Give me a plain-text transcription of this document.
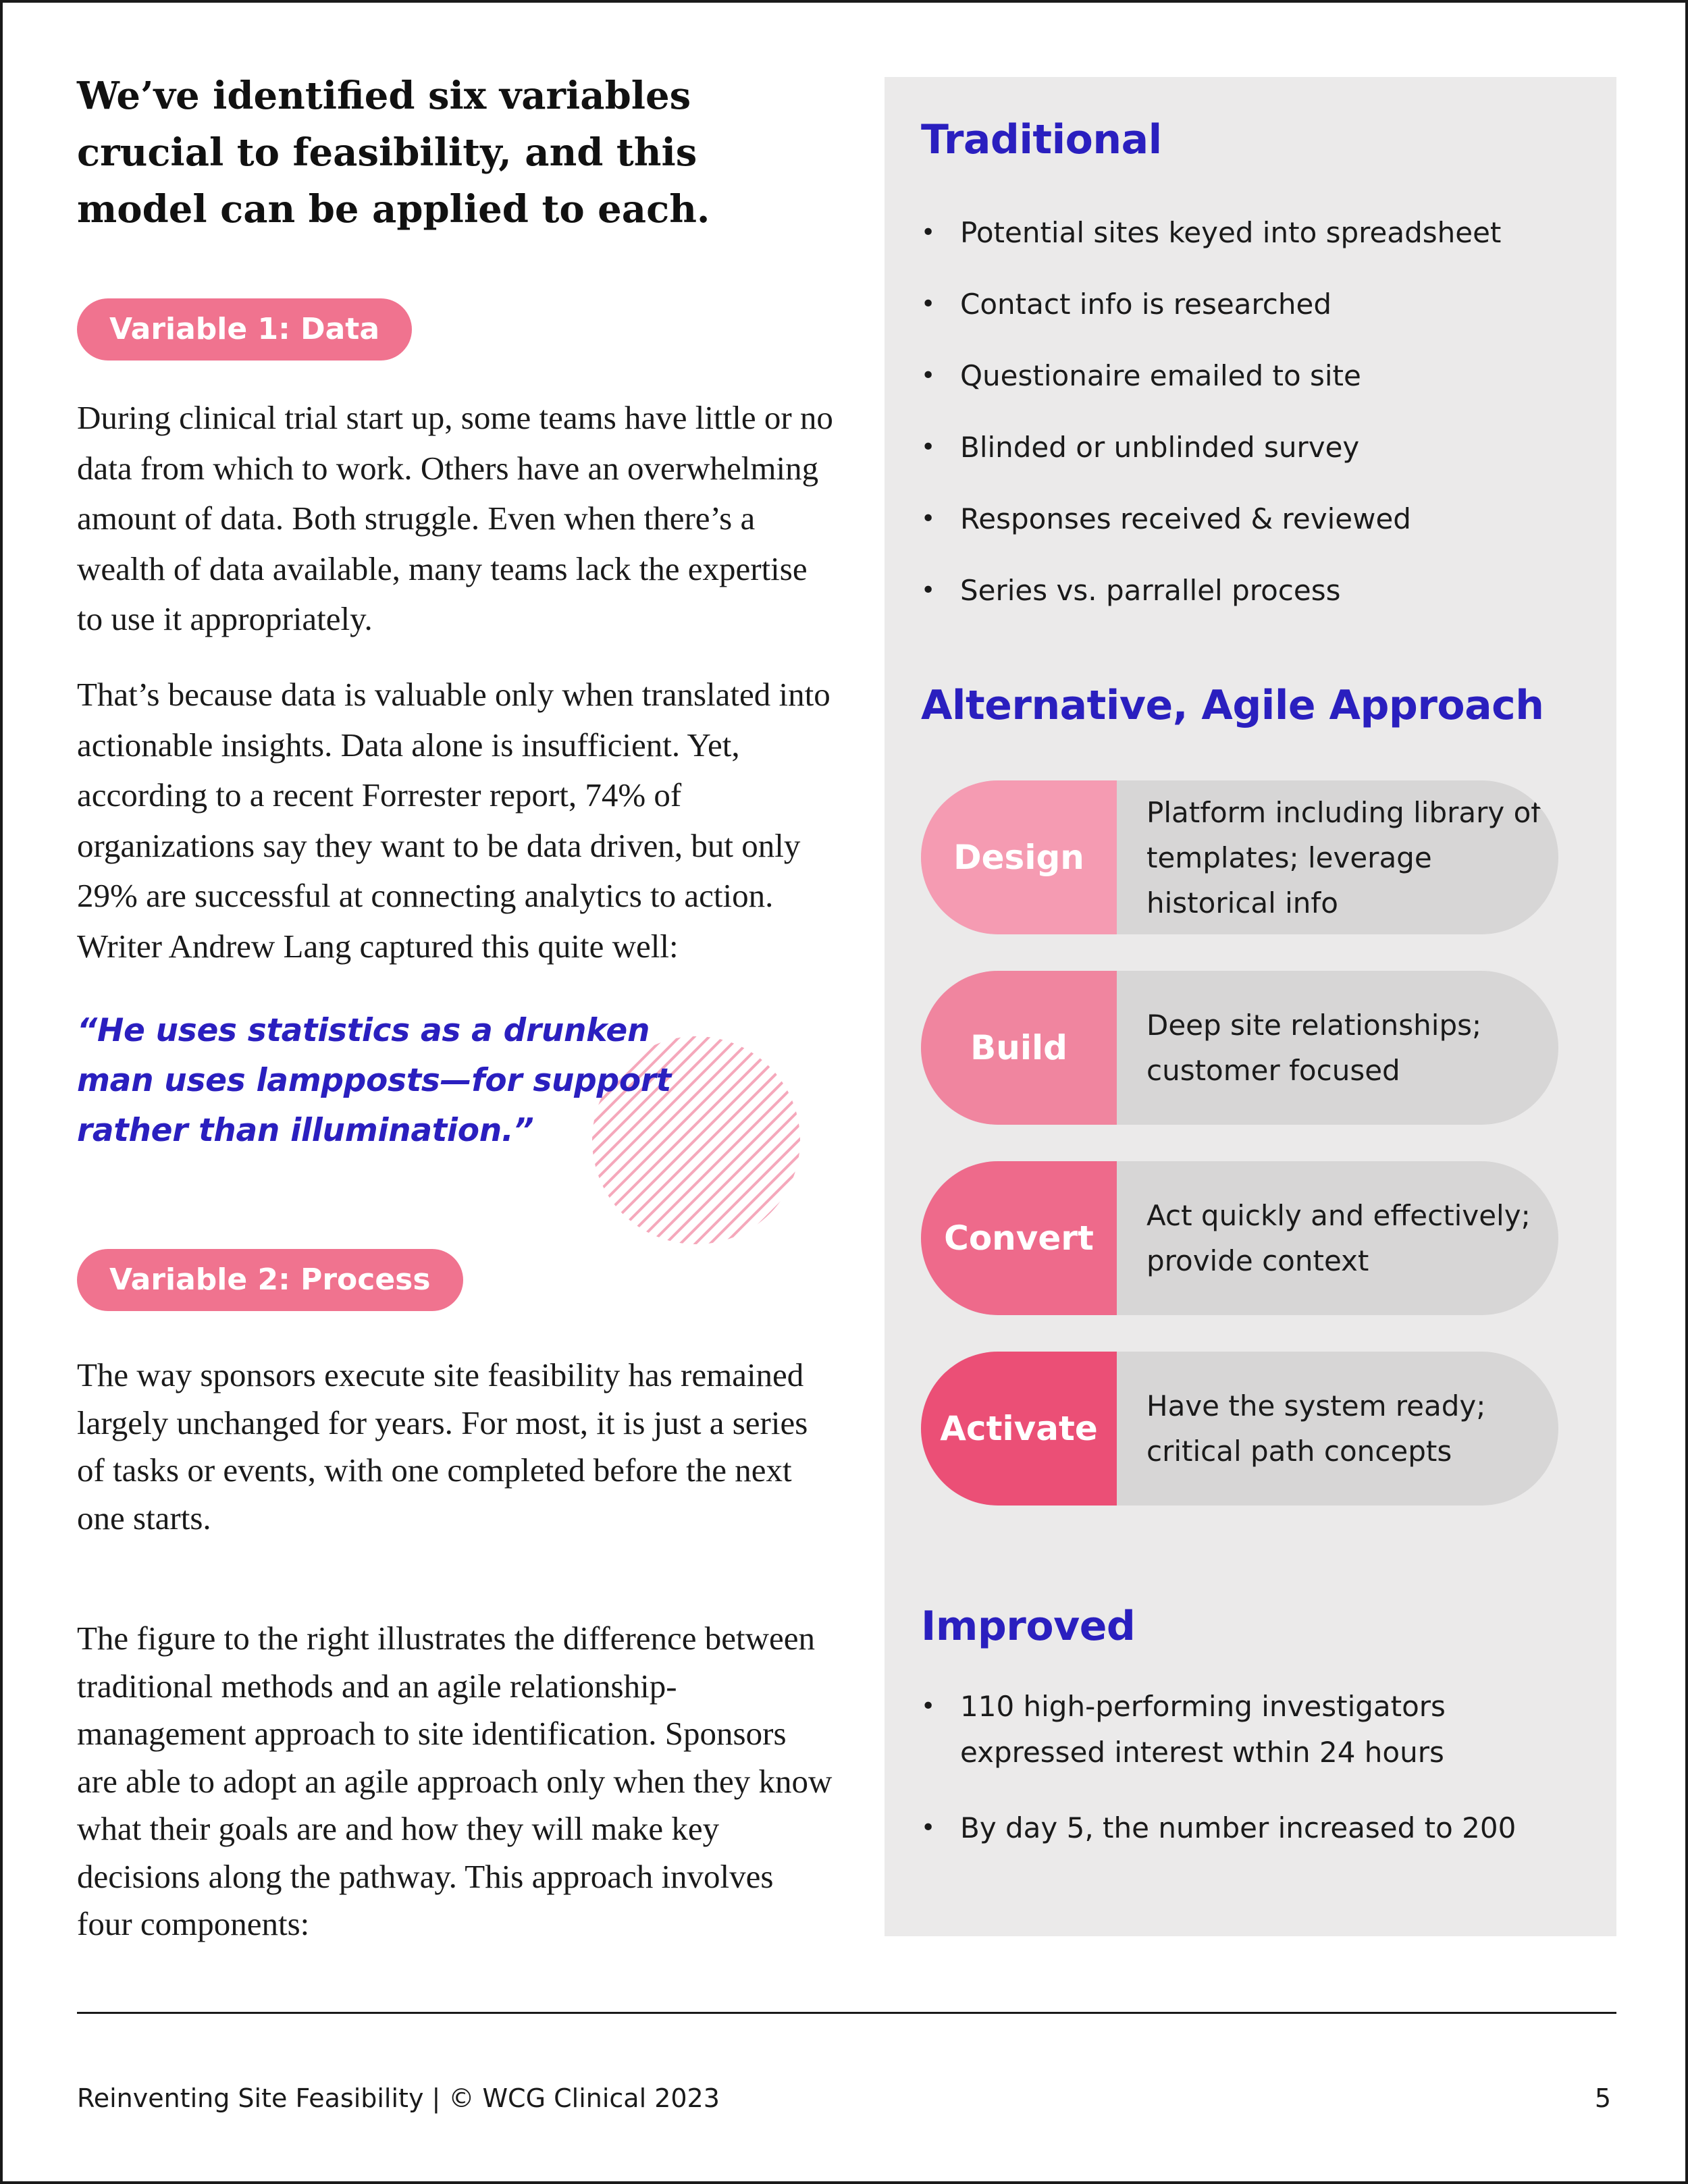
We’ve identified six variables crucial to feasibility, and this model can be applied to each.

Variable 1: Data

During clinical trial start up, some teams have little or no data from which to work. Others have an overwhelming amount of data. Both struggle. Even when there’s a wealth of data available, many teams lack the expertise to use it appropriately.

That’s because data is valuable only when translated into actionable insights. Data alone is insufficient. Yet, according to a recent Forrester report, 74% of organizations say they want to be data driven, but only 29% are successful at connecting analytics to action. Writer Andrew Lang captured this quite well:

“He uses statistics as a drunken man uses lampposts—for support rather than illumination.”

Variable 2: Process

The way sponsors execute site feasibility has remained largely unchanged for years. For most, it is just a series of tasks or events, with one completed before the next one starts.

The figure to the right illustrates the difference between traditional methods and an agile relationship-management approach to site identification. Sponsors are able to adopt an agile approach only when they know what their goals are and how they will make key decisions along the pathway. This approach involves four components:

Traditional
• Potential sites keyed into spreadsheet
• Contact info is researched
• Questionaire emailed to site
• Blinded or unblinded survey
• Responses received & reviewed
• Series vs. parrallel process
Alternative, Agile Approach
Design
Platform including library of templates; leverage historical info
Build
Deep site relationships; customer focused
Convert
Act quickly and effectively; provide context
Activate
Have the system ready; critical path concepts
Improved
• 110 high-performing investigators expressed interest wthin 24 hours
• By day 5, the number increased to 200
Reinventing Site Feasibility | © WCG Clinical 2023	5
